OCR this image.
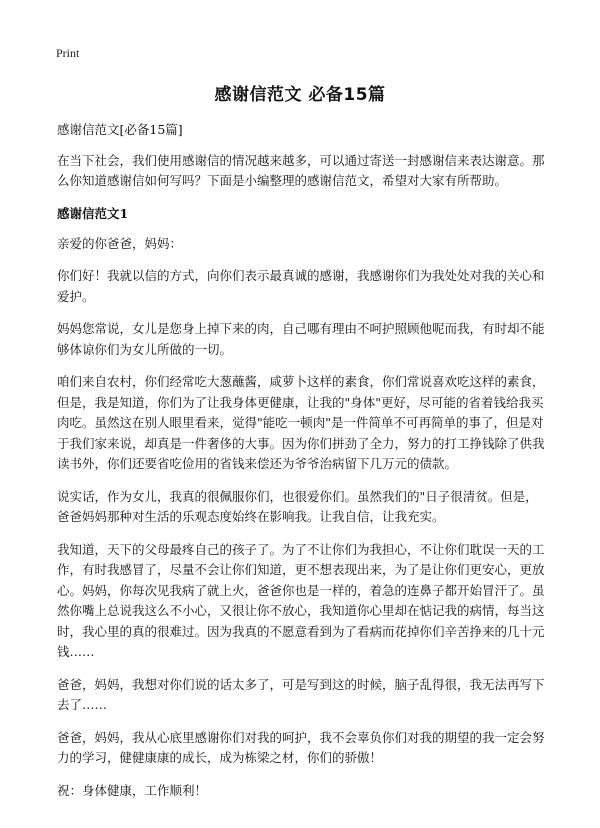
Print
感谢信范文 必备15篇

感谢信范文[必备15篇]

在当下社会，我们使用感谢信的情况越来越多，可以通过寄送一封感谢信来表达谢意。那么你知道感谢信如何写吗？下面是小编整理的感谢信范文，希望对大家有所帮助。

感谢信范文1

亲爱的你爸爸，妈妈：

你们好！我就以信的方式，向你们表示最真诚的感谢，我感谢你们为我处处对我的关心和爱护。

妈妈您常说，女儿是您身上掉下来的肉，自己哪有理由不呵护照顾他呢而我，有时却不能够体谅你们为女儿所做的一切。

咱们来自农村，你们经常吃大葱蘸酱，咸萝卜这样的素食，你们常说喜欢吃这样的素食，但是，我是知道，你们为了让我身体更健康，让我的"身体"更好，尽可能的省着钱给我买肉吃。虽然这在别人眼里看来，觉得"能吃一顿肉"是一件简单不可再简单的事了，但是对于我们家来说，却真是一件奢侈的大事。因为你们拼劲了全力，努力的打工挣钱除了供我读书外，你们还要省吃俭用的省钱来偿还为爷爷治病留下几万元的债款。

说实话，作为女儿，我真的很佩服你们，也很爱你们。虽然我们的"日子很清贫。但是，爸爸妈妈那种对生活的乐观态度始终在影响我。让我自信，让我充实。

我知道，天下的父母最疼自己的孩子了。为了不让你们为我担心，不让你们耽误一天的工作，有时我感冒了，尽量不会让你们知道，更不想表现出来，为了是让你们更安心，更放心。妈妈，你每次见我病了就上火，爸爸你也是一样的，着急的连鼻子都开始冒汗了。虽然你嘴上总说我这么不小心，又很让你不放心，我知道你心里却在惦记我的病情，每当这时，我心里的真的很难过。因为我真的不愿意看到为了看病而花掉你们辛苦挣来的几十元钱……

爸爸，妈妈，我想对你们说的话太多了，可是写到这的时候，脑子乱得很，我无法再写下去了……

爸爸，妈妈，我从心底里感谢你们对我的呵护，我不会辜负你们对我的期望的我一定会努力的学习，健健康康的成长，成为栋梁之材，你们的骄傲！

祝：身体健康，工作顺利！
